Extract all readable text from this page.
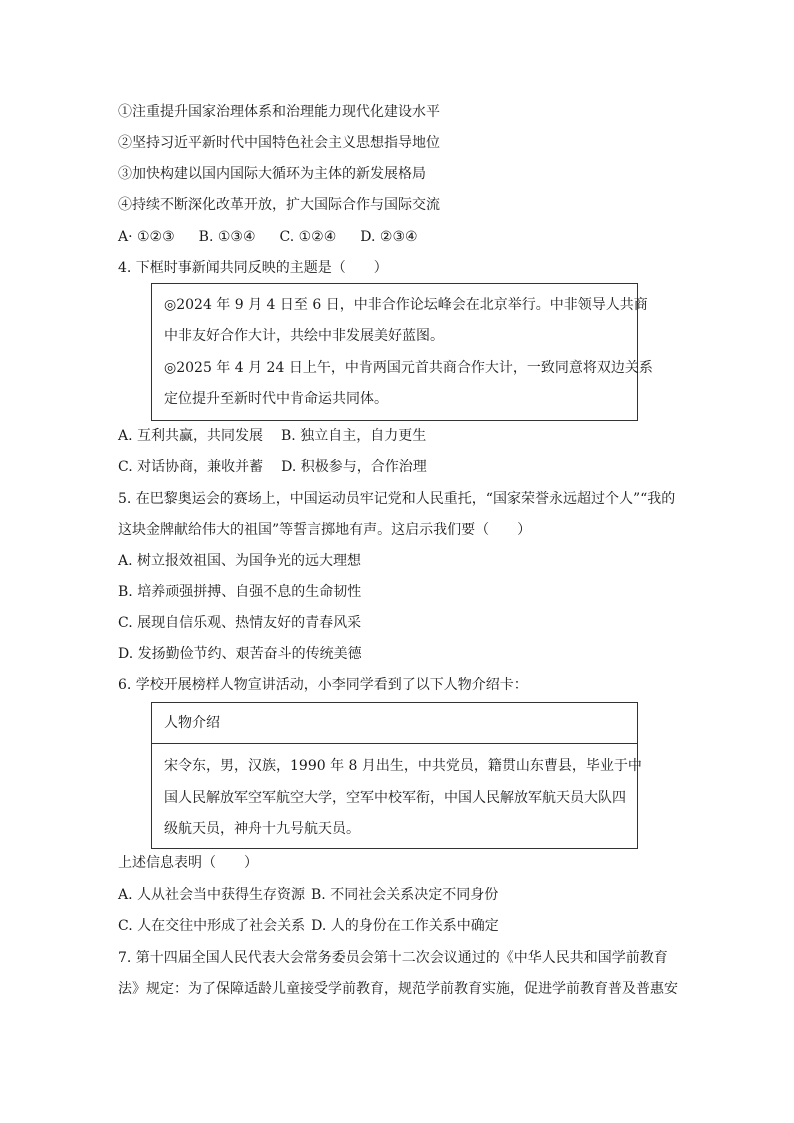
①注重提升国家治理体系和治理能力现代化建设水平
②坚持习近平新时代中国特色社会主义思想指导地位
③加快构建以国内国际大循环为主体的新发展格局
④持续不断深化改革开放，扩大国际合作与国际交流
A· ①②③ B. ①③④ C. ①②④ D. ②③④
4. 下框时事新闻共同反映的主题是（　　）
◎2024 年 9 月 4 日至 6 日，中非合作论坛峰会在北京举行。中非领导人共商
中非友好合作大计，共绘中非发展美好蓝图。
◎2025 年 4 月 24 日上午，中肯两国元首共商合作大计，一致同意将双边关系
定位提升至新时代中肯命运共同体。
A. 互利共赢，共同发展 B. 独立自主，自力更生
C. 对话协商，兼收并蓄 D. 积极参与，合作治理
5. 在巴黎奥运会的赛场上，中国运动员牢记党和人民重托，“国家荣誉永远超过个人”“我的
这块金牌献给伟大的祖国”等誓言掷地有声。这启示我们要（　　）
A. 树立报效祖国、为国争光的远大理想
B. 培养顽强拼搏、自强不息的生命韧性
C. 展现自信乐观、热情友好的青春风采
D. 发扬勤俭节约、艰苦奋斗的传统美德
6. 学校开展榜样人物宣讲活动，小李同学看到了以下人物介绍卡：
人物介绍
宋令东，男，汉族，1990 年 8 月出生，中共党员，籍贯山东曹县，毕业于中
国人民解放军空军航空大学，空军中校军衔，中国人民解放军航天员大队四
级航天员，神舟十九号航天员。
上述信息表明（　　）
A. 人从社会当中获得生存资源 B. 不同社会关系决定不同身份
C. 人在交往中形成了社会关系 D. 人的身份在工作关系中确定
7. 第十四届全国人民代表大会常务委员会第十二次会议通过的《中华人民共和国学前教育
法》规定：为了保障适龄儿童接受学前教育，规范学前教育实施，促进学前教育普及普惠安
